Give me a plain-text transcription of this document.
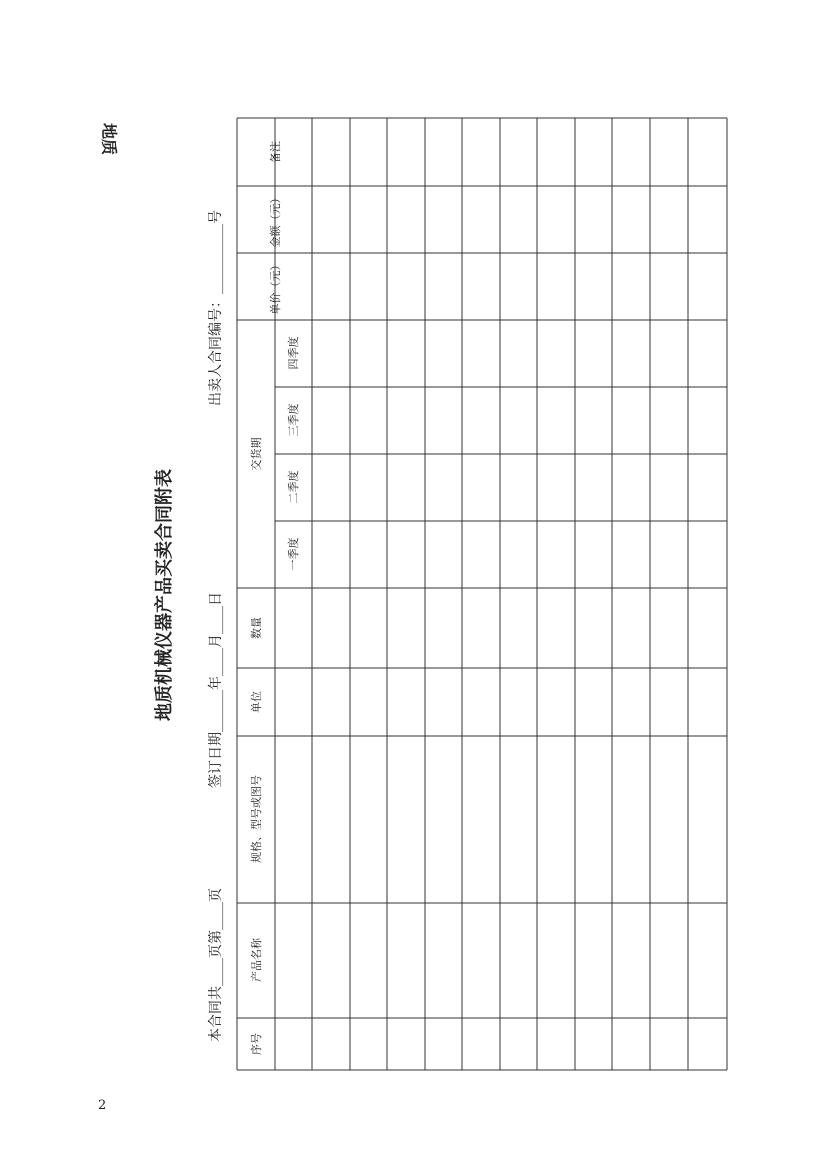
地质
地质机械仪器产品买卖合同附表
本合同共____页第____页
签订日期______年____月____日
出卖人合同编号：__________号
序号
产品名称
规格、型号或图号
单位
数量
交货期
一季度
二季度
三季度
四季度
单价（元）
金额（元）
备注
2
